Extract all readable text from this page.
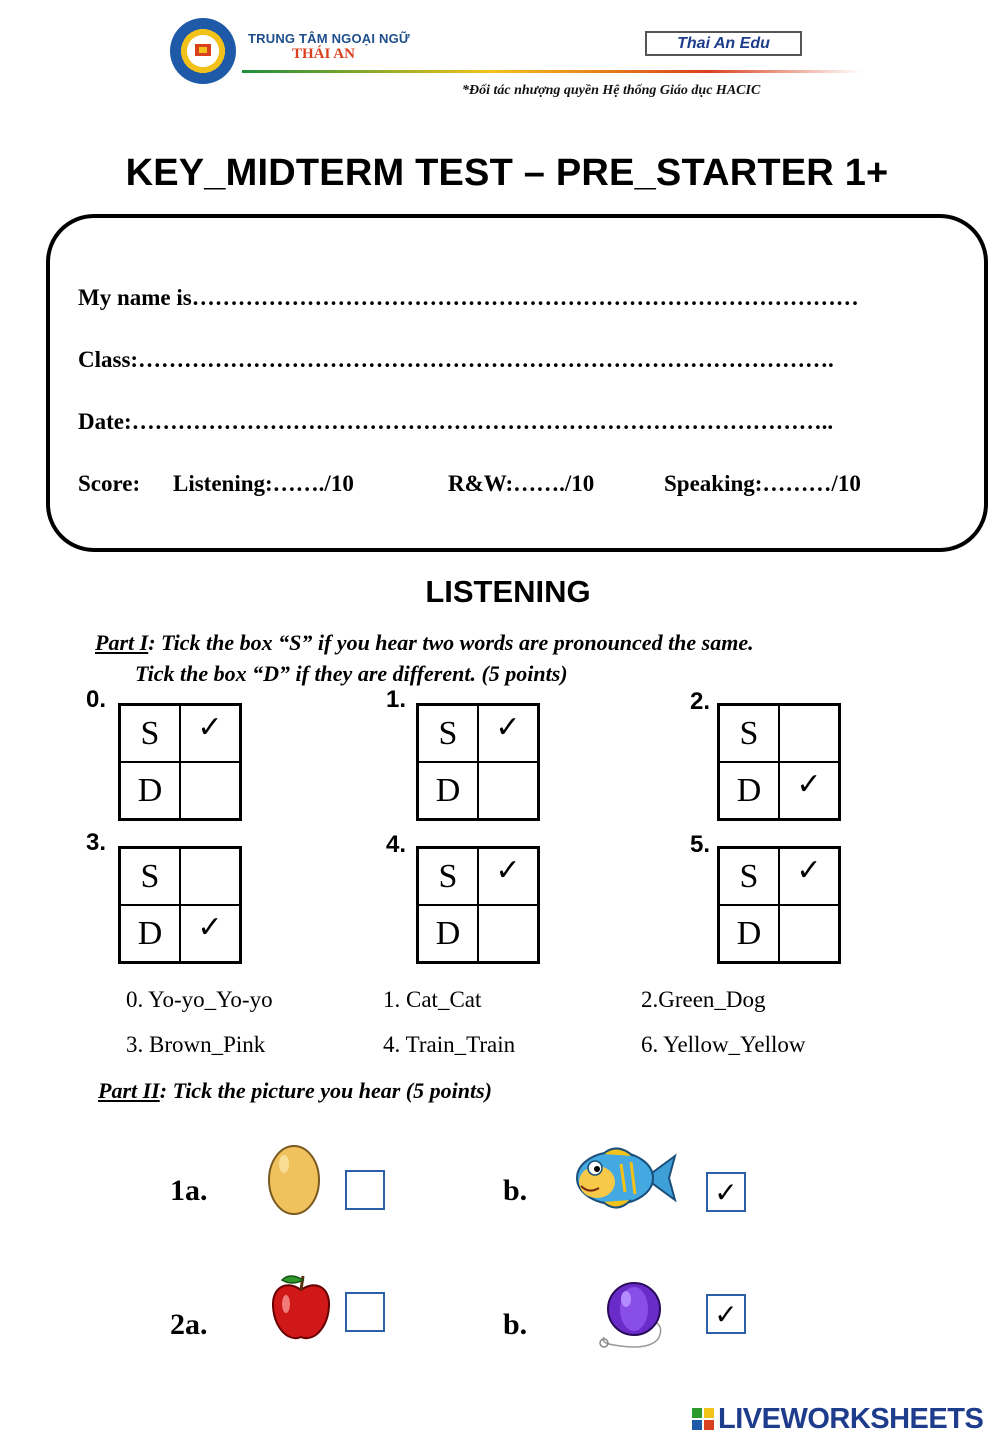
TRUNG TÂM NGOẠI NGỮ
THÁI AN
Thai An Edu
*Đối tác nhượng quyền Hệ thống Giáo dục HACIC
KEY_MIDTERM TEST – PRE_STARTER 1+
My name is……………………………………………………………………………
Class:……………………………………………………………………………….
Date:………………………………………………………………………………..
Score: Listening:……./10	R&W:……./10	Speaking:………/10
LISTENING
Part I: Tick the box “S” if you hear two words are pronounced the same.
Tick the box “D” if they are different. (5 points)
0.
S	✓
D
1.
S	✓
D
2.
S
D	✓
3.
S
D	✓
4.
S	✓
D
5.
S	✓
D
0. Yo-yo_Yo-yo	1. Cat_Cat	2.Green_Dog
3. Brown_Pink	4. Train_Train	6. Yellow_Yellow
Part II: Tick the picture you hear (5 points)
1a.	b.	✓
2a.	b.	✓
LIVEWORKSHEETS
